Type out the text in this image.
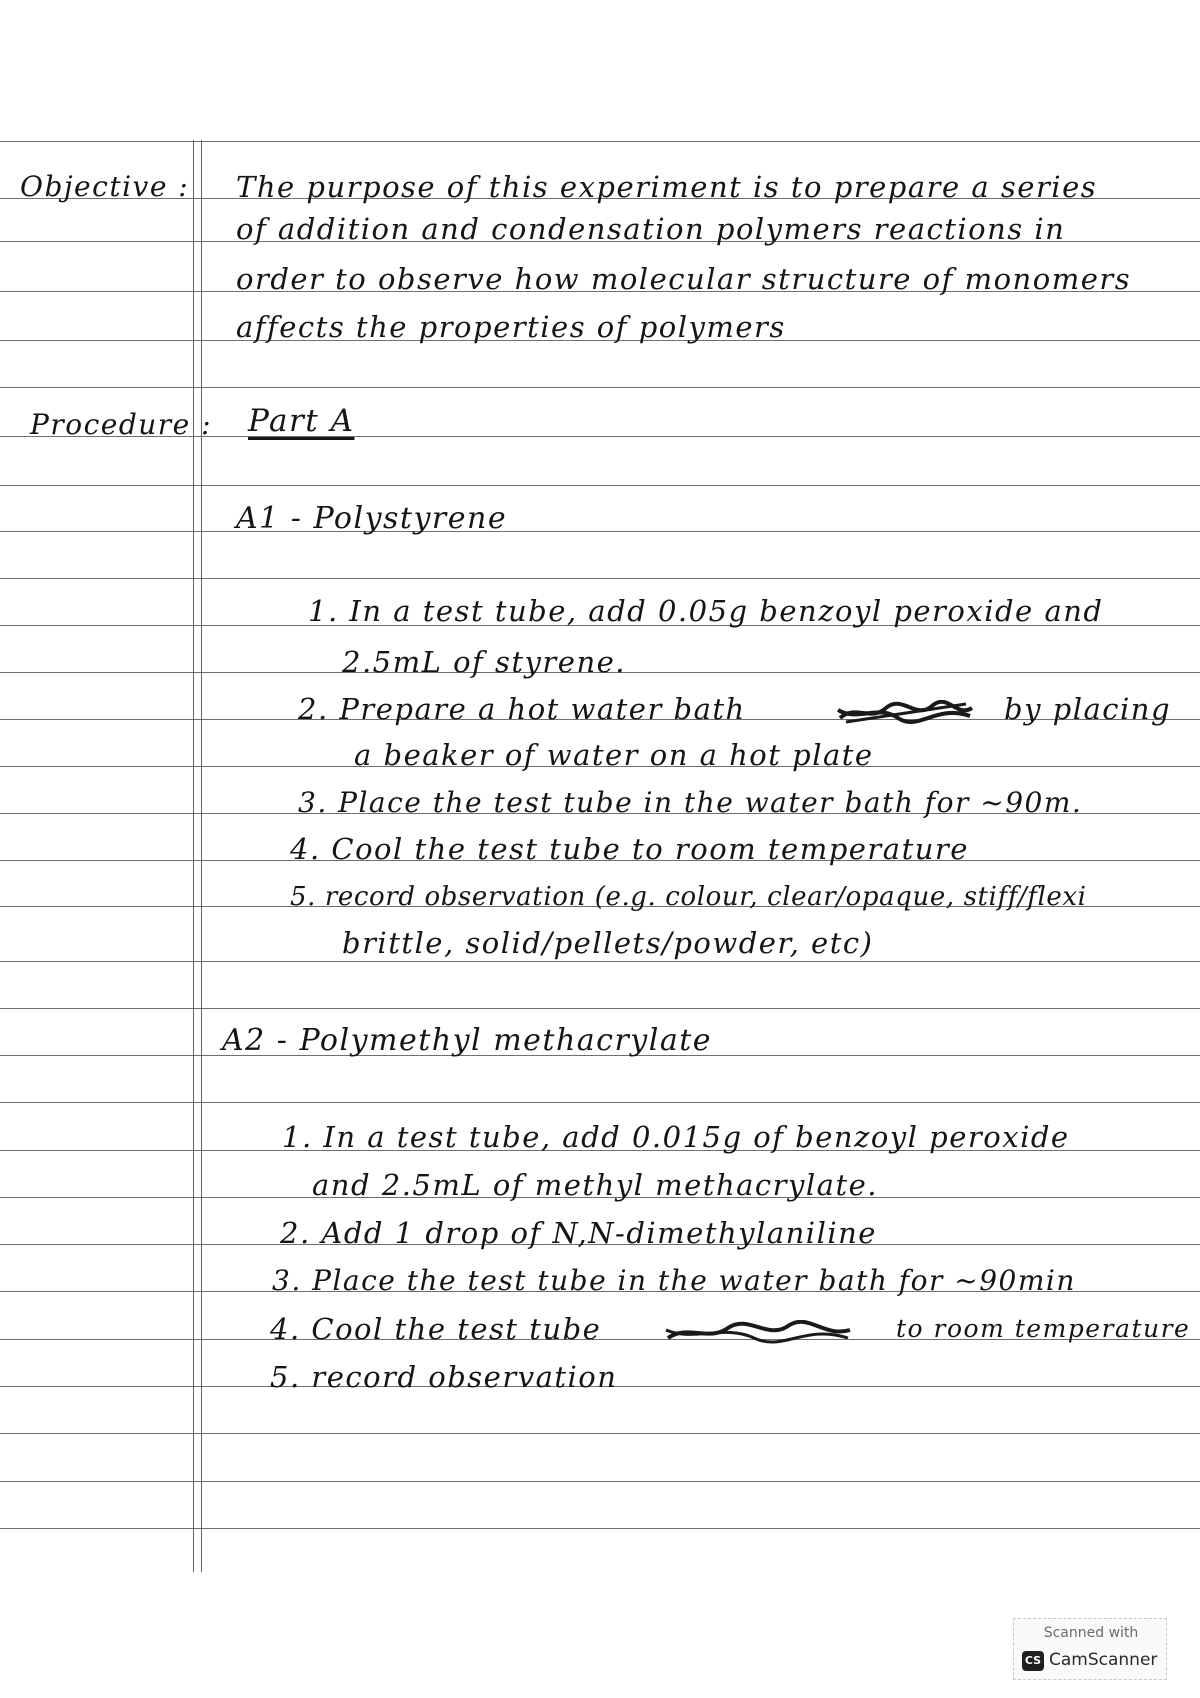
Objective : The purpose of this experiment is to prepare a series
of addition and condensation polymers reactions in
order to observe how molecular structure of monomers
affects the properties of polymers
Procedure : Part A
A1 - Polystyrene
1. In a test tube, add 0.05g benzoyl peroxide and
2.5mL of styrene.
2. Prepare a hot water bath	by placing
a beaker of water on a hot plate
3. Place the test tube in the water bath for ~90m.
4. Cool the test tube to room temperature
5. record observation (e.g. colour, clear/opaque, stiff/flexi
brittle, solid/pellets/powder, etc)
A2 - Polymethyl methacrylate
1. In a test tube, add 0.015g of benzoyl peroxide
and 2.5mL of methyl methacrylate.
2. Add 1 drop of N,N-dimethylaniline
3. Place the test tube in the water bath for ~90min
4. Cool the test tube	to room temperature
5. record observation
Scanned with
CS CamScanner
